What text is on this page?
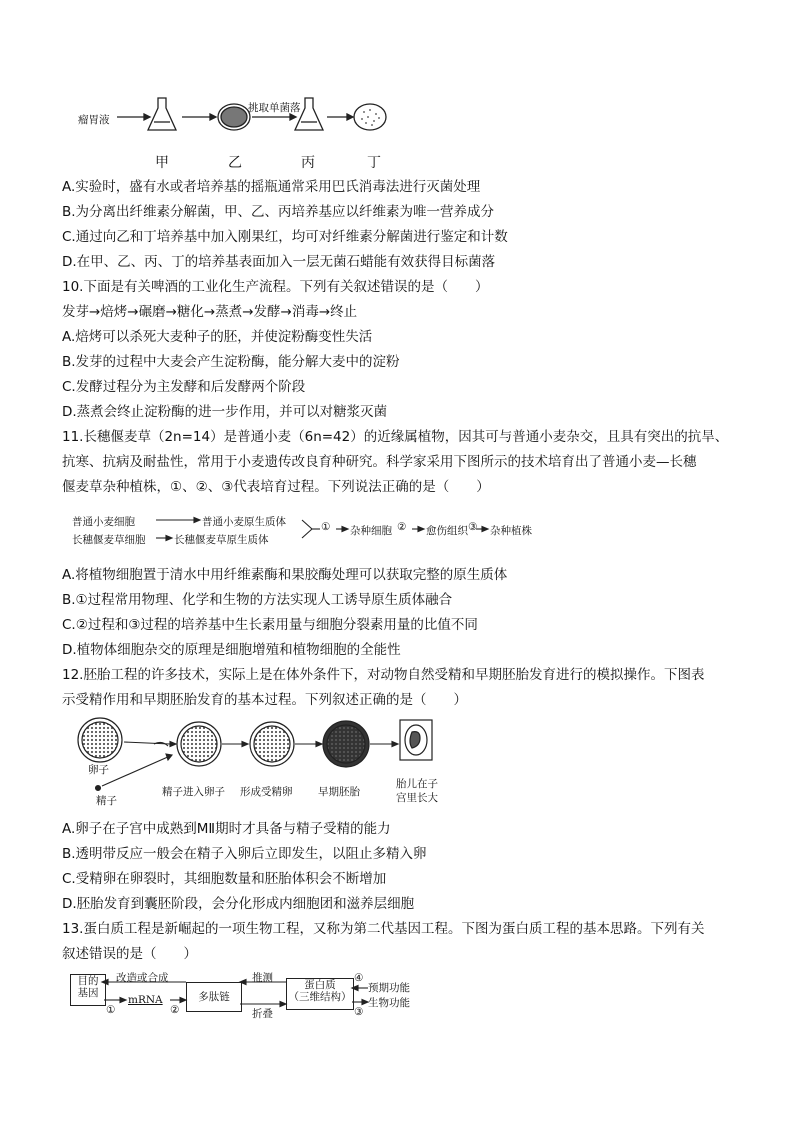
瘤胃液
挑取单菌落
甲	乙	丙	丁
A.实验时，盛有水或者培养基的摇瓶通常采用巴氏消毒法进行灭菌处理
B.为分离出纤维素分解菌，甲、乙、丙培养基应以纤维素为唯一营养成分
C.通过向乙和丁培养基中加入刚果红，均可对纤维素分解菌进行鉴定和计数
D.在甲、乙、丙、丁的培养基表面加入一层无菌石蜡能有效获得目标菌落
10.下面是有关啤酒的工业化生产流程。下列有关叙述错误的是（　　）
发芽→焙烤→碾磨→糖化→蒸煮→发酵→消毒→终止
A.焙烤可以杀死大麦种子的胚，并使淀粉酶变性失活
B.发芽的过程中大麦会产生淀粉酶，能分解大麦中的淀粉
C.发酵过程分为主发酵和后发酵两个阶段
D.蒸煮会终止淀粉酶的进一步作用，并可以对糖浆灭菌
11.长穗偃麦草（2n=14）是普通小麦（6n=42）的近缘属植物，因其可与普通小麦杂交，且具有突出的抗旱、
抗寒、抗病及耐盐性，常用于小麦遗传改良育种研究。科学家采用下图所示的技术培育出了普通小麦—长穗
偃麦草杂种植株，①、②、③代表培育过程。下列说法正确的是（　　）
普通小麦细胞	普通小麦原生质体
长穗偃麦草细胞	长穗偃麦草原生质体
① 杂种细胞 ② 愈伤组织 ③ 杂种植株
A.将植物细胞置于清水中用纤维素酶和果胶酶处理可以获取完整的原生质体
B.①过程常用物理、化学和生物的方法实现人工诱导原生质体融合
C.②过程和③过程的培养基中生长素用量与细胞分裂素用量的比值不同
D.植物体细胞杂交的原理是细胞增殖和植物细胞的全能性
12.胚胎工程的许多技术，实际上是在体外条件下，对动物自然受精和早期胚胎发育进行的模拟操作。下图表
示受精作用和早期胚胎发育的基本过程。下列叙述正确的是（　　）
卵子
精子
精子进入卵子 形成受精卵 早期胚胎
胎儿在子
宫里长大
A.卵子在子宫中成熟到MⅡ期时才具备与精子受精的能力
B.透明带反应一般会在精子入卵后立即发生，以阻止多精入卵
C.受精卵在卵裂时，其细胞数量和胚胎体积会不断增加
D.胚胎发育到囊胚阶段，会分化形成内细胞团和滋养层细胞
13.蛋白质工程是新崛起的一项生物工程，又称为第二代基因工程。下图为蛋白质工程的基本思路。下列有关
叙述错误的是（　　）
目的
基因
改造或合成
mRNA	多肽链
推测
折叠
蛋白质
（三维结构）
预期功能
生物功能
①	②	③
④
